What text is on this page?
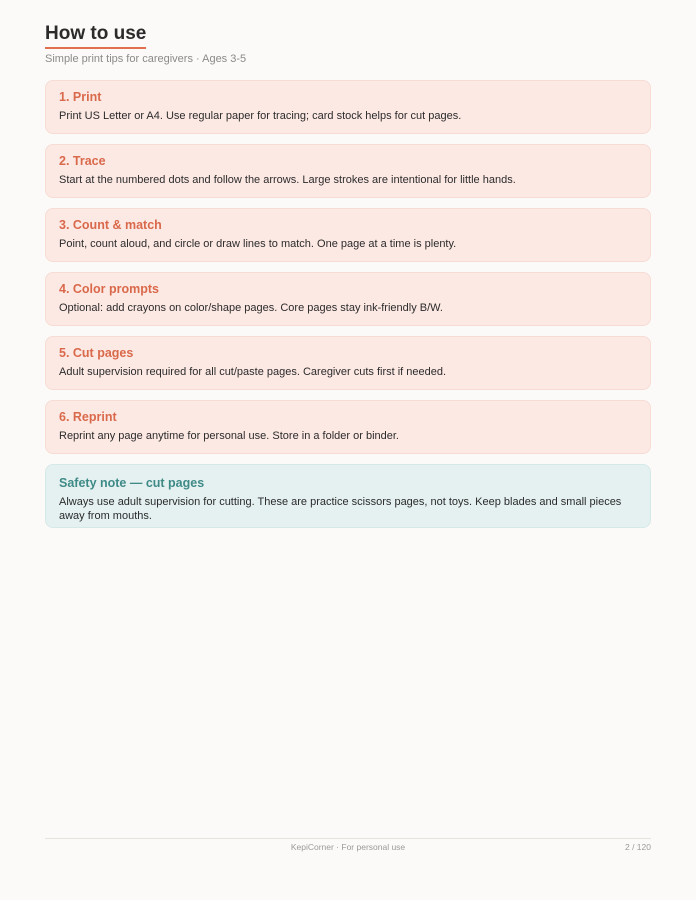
How to use
Simple print tips for caregivers · Ages 3-5
1. Print

Print US Letter or A4. Use regular paper for tracing; card stock helps for cut pages.

2. Trace

Start at the numbered dots and follow the arrows. Large strokes are intentional for little hands.

3. Count & match

Point, count aloud, and circle or draw lines to match. One page at a time is plenty.

4. Color prompts

Optional: add crayons on color/shape pages. Core pages stay ink-friendly B/W.

5. Cut pages

Adult supervision required for all cut/paste pages. Caregiver cuts first if needed.

6. Reprint

Reprint any page anytime for personal use. Store in a folder or binder.

Safety note — cut pages

Always use adult supervision for cutting. These are practice scissors pages, not toys. Keep blades and small pieces away from mouths.

KepiCorner · For personal use	2 / 120
